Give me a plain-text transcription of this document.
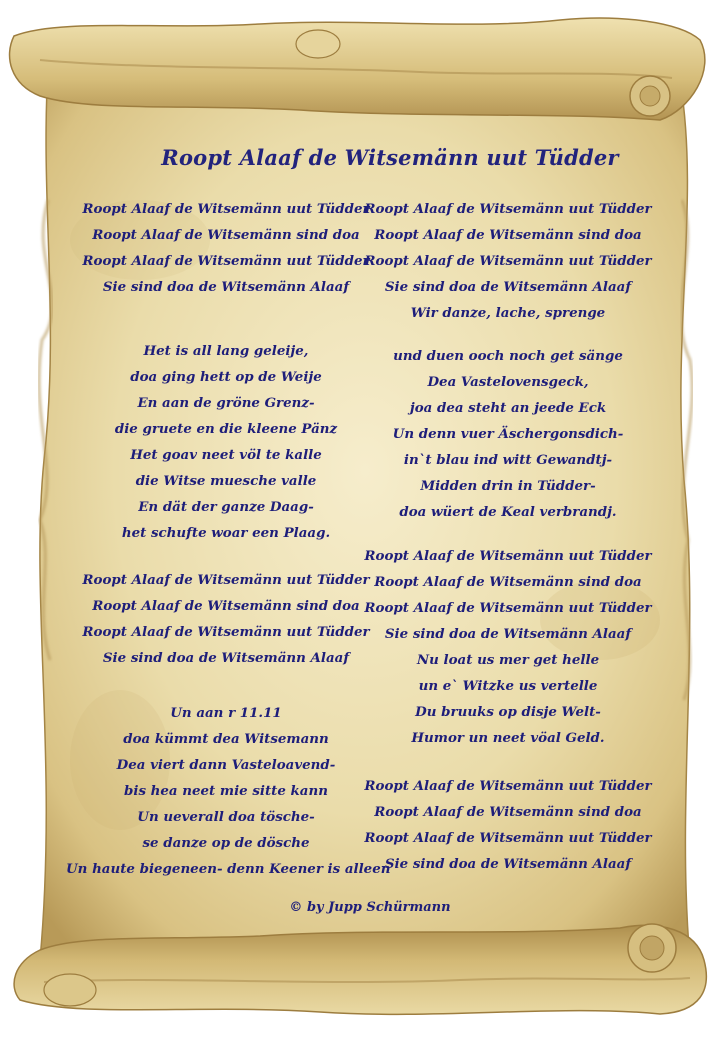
Roopt Alaaf de Witsemänn uut Tüdder
Roopt Alaaf de Witsemänn uut Tüdder
Roopt Alaaf de Witsemänn sind doa
Roopt Alaaf de Witsemänn uut Tüdder
Sie sind doa de Witsemänn Alaaf
Het is all lang geleije,
doa ging hett op de Weije
En aan de gröne Grenz-
die gruete en die kleene Pänz
Het goav neet völ te kalle
die Witse muesche valle
En dät der ganze Daag-
het schufte woar een Plaag.
Roopt Alaaf de Witsemänn uut Tüdder
Roopt Alaaf de Witsemänn sind doa
Roopt Alaaf de Witsemänn uut Tüdder
Sie sind doa de Witsemänn Alaaf
Un aan r 11.11
doa kümmt dea Witsemann
Dea viert dann Vasteloavend-
bis hea neet mie sitte kann
Un ueverall doa tösche-
se danze op de dösche
Un haute biegeneen- denn Keener is alleen
Roopt Alaaf de Witsemänn uut Tüdder
Roopt Alaaf de Witsemänn sind doa
Roopt Alaaf de Witsemänn uut Tüdder
Sie sind doa de Witsemänn Alaaf
Wir danze, lache, sprenge
und duen ooch noch get sänge
Dea Vastelovensgeck,
joa dea steht an jeede Eck
Un denn vuer Äschergonsdich-
in`t blau ind witt Gewandtj-
Midden drin in Tüdder-
doa wüert de Keal verbrandj.
Roopt Alaaf de Witsemänn uut Tüdder
Roopt Alaaf de Witsemänn sind doa
Roopt Alaaf de Witsemänn uut Tüdder
Sie sind doa de Witsemänn Alaaf
Nu loat us mer get helle
un e` Witzke us vertelle
Du bruuks op disje Welt-
Humor un neet vöal Geld.
Roopt Alaaf de Witsemänn uut Tüdder
Roopt Alaaf de Witsemänn sind doa
Roopt Alaaf de Witsemänn uut Tüdder
Sie sind doa de Witsemänn Alaaf
© by Jupp Schürmann
